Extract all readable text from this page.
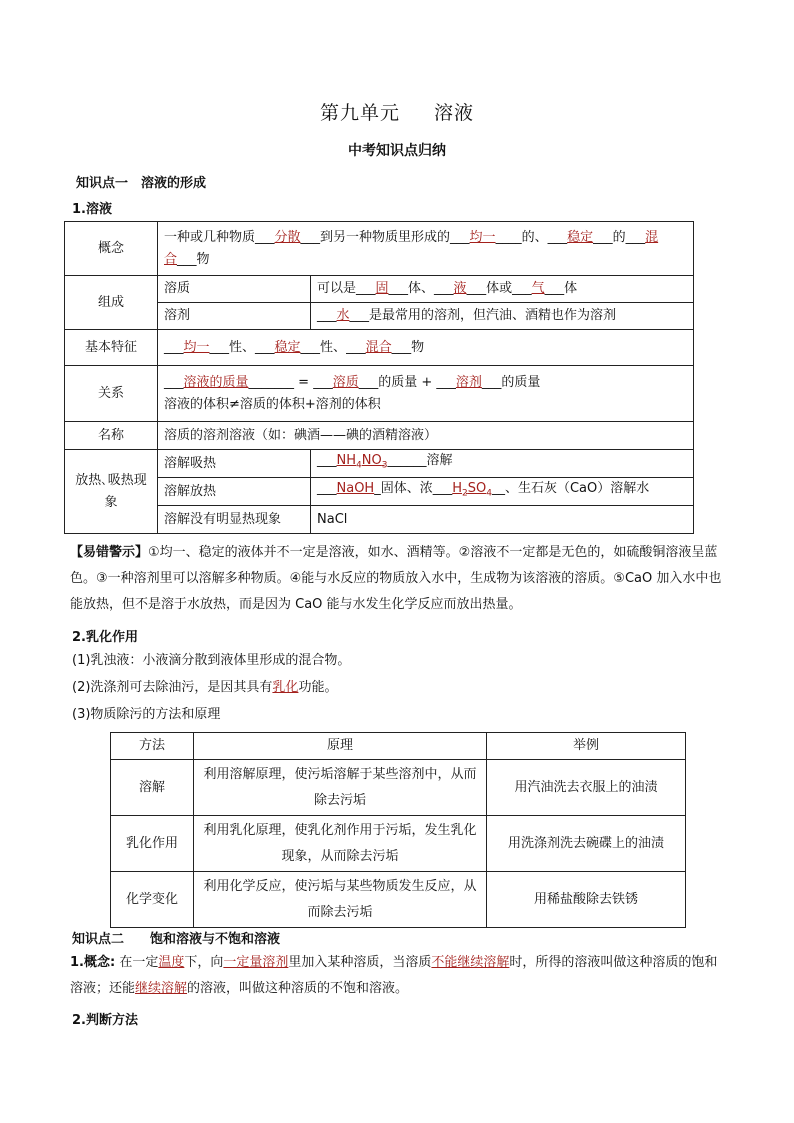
第九单元 溶液
中考知识点归纳
知识点一　溶液的形成
1.溶液
概念	一种或几种物质___分散___到另一种物质里形成的___均一____的、___稳定___的___混
合___物	
组成	溶质	可以是___固___体、___液___体或___气___体
	溶剂	___水___是最常用的溶剂，但汽油、酒精也作为溶剂
基本特征	___均一___性、___稳定___性、___混合___物	
关系	___溶液的质量_______ = ___溶质___的质量 + ___溶剂___的质量
溶液的体积≠溶质的体积+溶剂的体积	
名称	溶质的溶剂溶液（如：碘酒——碘的酒精溶液）	
放热､吸热现象	溶解吸热	$\_\_\_NH_4NO_3\_\_\_\_\_\_$溶解
	溶解放热	___NaOH_固体、浓$\_\_\_H_2SO_4\_\_$、生石灰（CaO）溶解水
	溶解没有明显热现象	NaCl
【易错警示】①均一、稳定的液体并不一定是溶液，如水、酒精等。②溶液不一定都是无色的，如硫酸铜溶液呈蓝色。③一种溶剂里可以溶解多种物质。④能与水反应的物质放入水中，生成物为该溶液的溶质。⑤CaO 加入水中也能放热，但不是溶于水放热，而是因为 CaO 能与水发生化学反应而放出热量。
2.乳化作用
(1)乳浊液：小液滴分散到液体里形成的混合物。
(2)洗涤剂可去除油污，是因其具有乳化功能。
(3)物质除污的方法和原理
方法	原理	举例
溶解	利用溶解原理，使污垢溶解于某些溶剂中，从而除去污垢	用汽油洗去衣服上的油渍
乳化作用	利用乳化原理，使乳化剂作用于污垢，发生乳化现象，从而除去污垢	用洗涤剂洗去碗碟上的油渍
化学变化	利用化学反应，使污垢与某些物质发生反应，从而除去污垢	用稀盐酸除去铁锈
知识点二　　饱和溶液与不饱和溶液
1.概念: 在一定温度下，向一定量溶剂里加入某种溶质，当溶质不能继续溶解时，所得的溶液叫做这种溶质的饱和溶液；还能继续溶解的溶液，叫做这种溶质的不饱和溶液。
2.判断方法
